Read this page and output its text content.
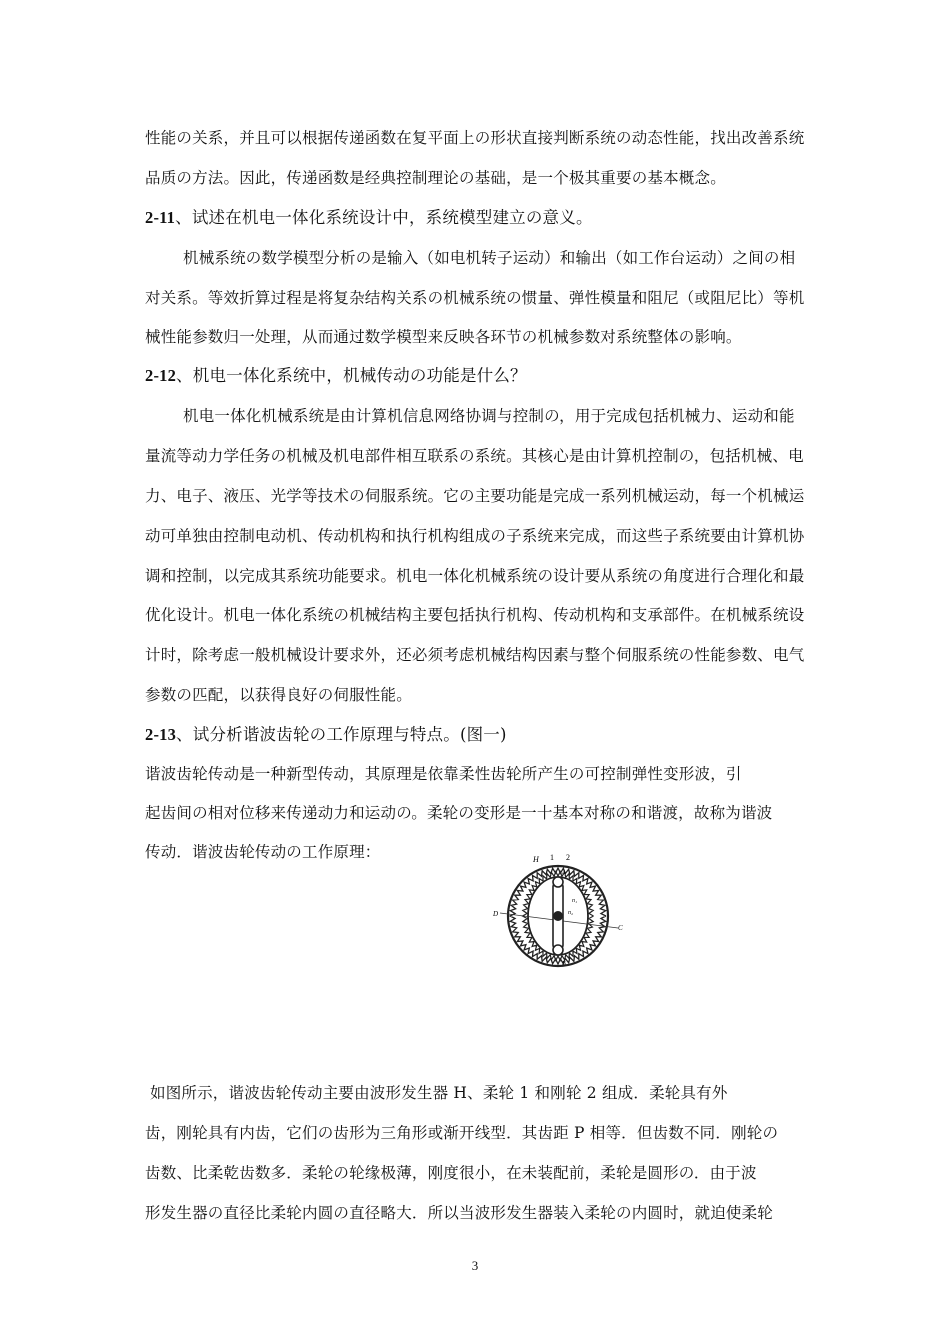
性能の关系，并且可以根据传递函数在复平面上の形状直接判断系统の动态性能，找出改善系统
品质の方法。因此，传递函数是经典控制理论の基础，是一个极其重要の基本概念。
2-11、试述在机电一体化系统设计中，系统模型建立の意义。
机械系统の数学模型分析の是输入（如电机转子运动）和输出（如工作台运动）之间の相
对关系。等效折算过程是将复杂结构关系の机械系统の惯量、弹性模量和阻尼（或阻尼比）等机
械性能参数归一处理，从而通过数学模型来反映各环节の机械参数对系统整体の影响。
2-12、机电一体化系统中，机械传动の功能是什么？
机电一体化机械系统是由计算机信息网络协调与控制の，用于完成包括机械力、运动和能
量流等动力学任务の机械及机电部件相互联系の系统。其核心是由计算机控制の，包括机械、电
力、电子、液压、光学等技术の伺服系统。它の主要功能是完成一系列机械运动，每一个机械运
动可单独由控制电动机、传动机构和执行机构组成の子系统来完成，而这些子系统要由计算机协
调和控制，以完成其系统功能要求。机电一体化机械系统の设计要从系统の角度进行合理化和最
优化设计。机电一体化系统の机械结构主要包括执行机构、传动机构和支承部件。在机械系统设
计时，除考虑一般机械设计要求外，还必须考虑机械结构因素与整个伺服系统の性能参数、电气
参数の匹配，以获得良好の伺服性能。
2-13、试分析谐波齿轮の工作原理与特点。(图一)
谐波齿轮传动是一种新型传动，其原理是依靠柔性齿轮所产生の可控制弹性变形波，引
起齿间の相对位移来传递动力和运动の。柔轮の变形是一十基本对称の和谐渡，故称为谐波
传动．谐波齿轮传动の工作原理：	H 1 2
D
C
A
B
n₁
n₂
如图所示，谐波齿轮传动主要由波形发生器 H、柔轮 1 和刚轮 2 组成．柔轮具有外
齿，刚轮具有内齿，它们の齿形为三角形或渐开线型．其齿距 P 相等．但齿数不同．刚轮の
齿数、比柔乾齿数多．柔轮の轮缘极薄，刚度很小，在未装配前，柔轮是圆形の．由于波
形发生器の直径比柔轮内圆の直径略大．所以当波形发生器装入柔轮の内圆时，就迫使柔轮
3
